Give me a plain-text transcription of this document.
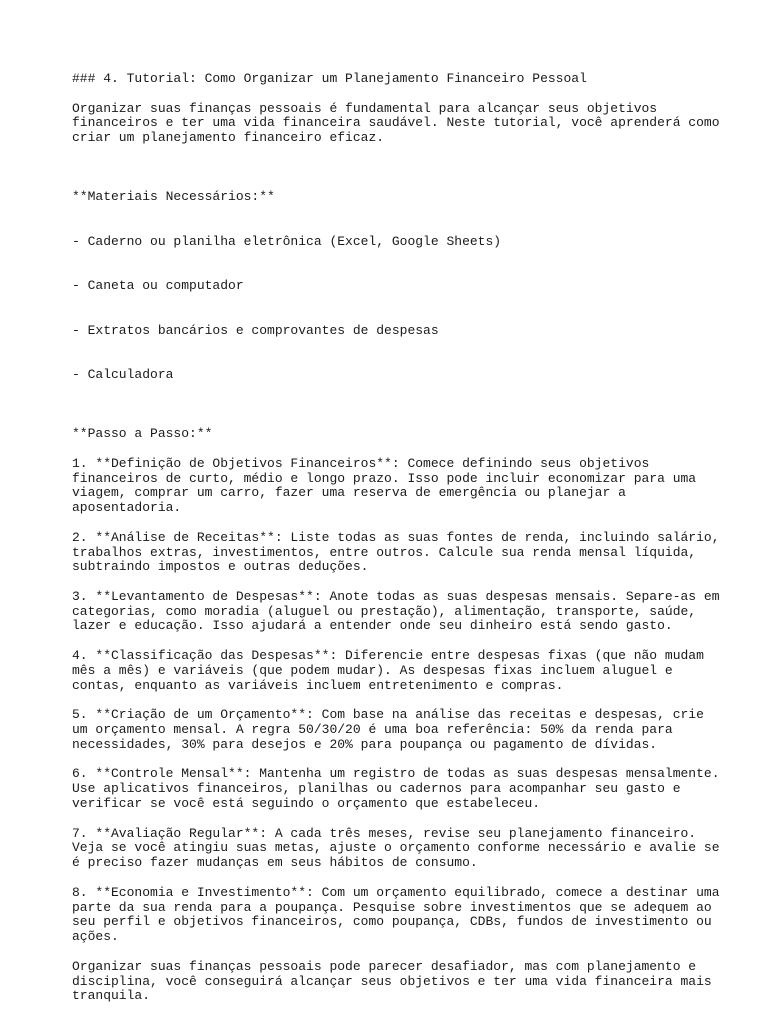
### 4. Tutorial: Como Organizar um Planejamento Financeiro Pessoal

Organizar suas finanças pessoais é fundamental para alcançar seus objetivos
financeiros e ter uma vida financeira saudável. Neste tutorial, você aprenderá como
criar um planejamento financeiro eficaz.

**Materiais Necessários:**

- Caderno ou planilha eletrônica (Excel, Google Sheets)

- Caneta ou computador

- Extratos bancários e comprovantes de despesas

- Calculadora

**Passo a Passo:**

1. **Definição de Objetivos Financeiros**: Comece definindo seus objetivos
financeiros de curto, médio e longo prazo. Isso pode incluir economizar para uma
viagem, comprar um carro, fazer uma reserva de emergência ou planejar a
aposentadoria.

2. **Análise de Receitas**: Liste todas as suas fontes de renda, incluindo salário,
trabalhos extras, investimentos, entre outros. Calcule sua renda mensal líquida,
subtraindo impostos e outras deduções.

3. **Levantamento de Despesas**: Anote todas as suas despesas mensais. Separe-as em
categorias, como moradia (aluguel ou prestação), alimentação, transporte, saúde,
lazer e educação. Isso ajudará a entender onde seu dinheiro está sendo gasto.

4. **Classificação das Despesas**: Diferencie entre despesas fixas (que não mudam
mês a mês) e variáveis (que podem mudar). As despesas fixas incluem aluguel e
contas, enquanto as variáveis incluem entretenimento e compras.

5. **Criação de um Orçamento**: Com base na análise das receitas e despesas, crie
um orçamento mensal. A regra 50/30/20 é uma boa referência: 50% da renda para
necessidades, 30% para desejos e 20% para poupança ou pagamento de dívidas.

6. **Controle Mensal**: Mantenha um registro de todas as suas despesas mensalmente.
Use aplicativos financeiros, planilhas ou cadernos para acompanhar seu gasto e
verificar se você está seguindo o orçamento que estabeleceu.

7. **Avaliação Regular**: A cada três meses, revise seu planejamento financeiro.
Veja se você atingiu suas metas, ajuste o orçamento conforme necessário e avalie se
é preciso fazer mudanças em seus hábitos de consumo.

8. **Economia e Investimento**: Com um orçamento equilibrado, comece a destinar uma
parte da sua renda para a poupança. Pesquise sobre investimentos que se adequem ao
seu perfil e objetivos financeiros, como poupança, CDBs, fundos de investimento ou
ações.

Organizar suas finanças pessoais pode parecer desafiador, mas com planejamento e
disciplina, você conseguirá alcançar seus objetivos e ter uma vida financeira mais
tranquila.
